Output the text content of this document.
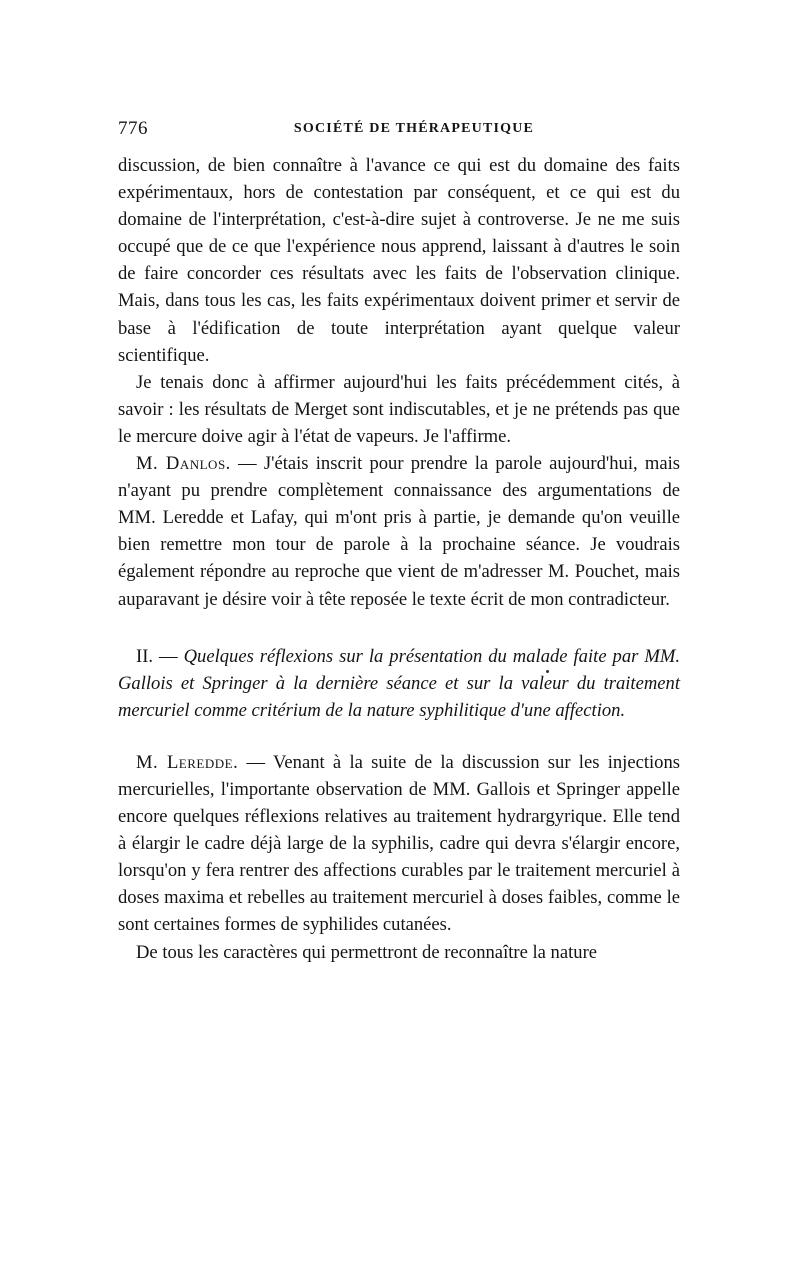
776	SOCIÉTÉ DE THÉRAPEUTIQUE

discussion, de bien connaître à l'avance ce qui est du domaine des faits expérimentaux, hors de contestation par conséquent, et ce qui est du domaine de l'interprétation, c'est-à-dire sujet à controverse. Je ne me suis occupé que de ce que l'expérience nous apprend, laissant à d'autres le soin de faire concorder ces résultats avec les faits de l'observation clinique. Mais, dans tous les cas, les faits expérimentaux doivent primer et servir de base à l'édification de toute interprétation ayant quelque valeur scientifique.

Je tenais donc à affirmer aujourd'hui les faits précédemment cités, à savoir : les résultats de Merget sont indiscutables, et je ne prétends pas que le mercure doive agir à l'état de vapeurs. Je l'affirme.

M. Danlos. — J'étais inscrit pour prendre la parole aujourd'hui, mais n'ayant pu prendre complètement connaissance des argumentations de MM. Leredde et Lafay, qui m'ont pris à partie, je demande qu'on veuille bien remettre mon tour de parole à la prochaine séance. Je voudrais également répondre au reproche que vient de m'adresser M. Pouchet, mais auparavant je désire voir à tête reposée le texte écrit de mon contradicteur.

II. — Quelques réflexions sur la présentation du malade faite par MM. Gallois et Springer à la dernière séance et sur la valeur du traitement mercuriel comme critérium de la nature syphilitique d'une affection.

M. Leredde. — Venant à la suite de la discussion sur les injections mercurielles, l'importante observation de MM. Gallois et Springer appelle encore quelques réflexions relatives au traitement hydrargyrique. Elle tend à élargir le cadre déjà large de la syphilis, cadre qui devra s'élargir encore, lorsqu'on y fera rentrer des affections curables par le traitement mercuriel à doses maxima et rebelles au traitement mercuriel à doses faibles, comme le sont certaines formes de syphilides cutanées.

De tous les caractères qui permettront de reconnaître la nature
